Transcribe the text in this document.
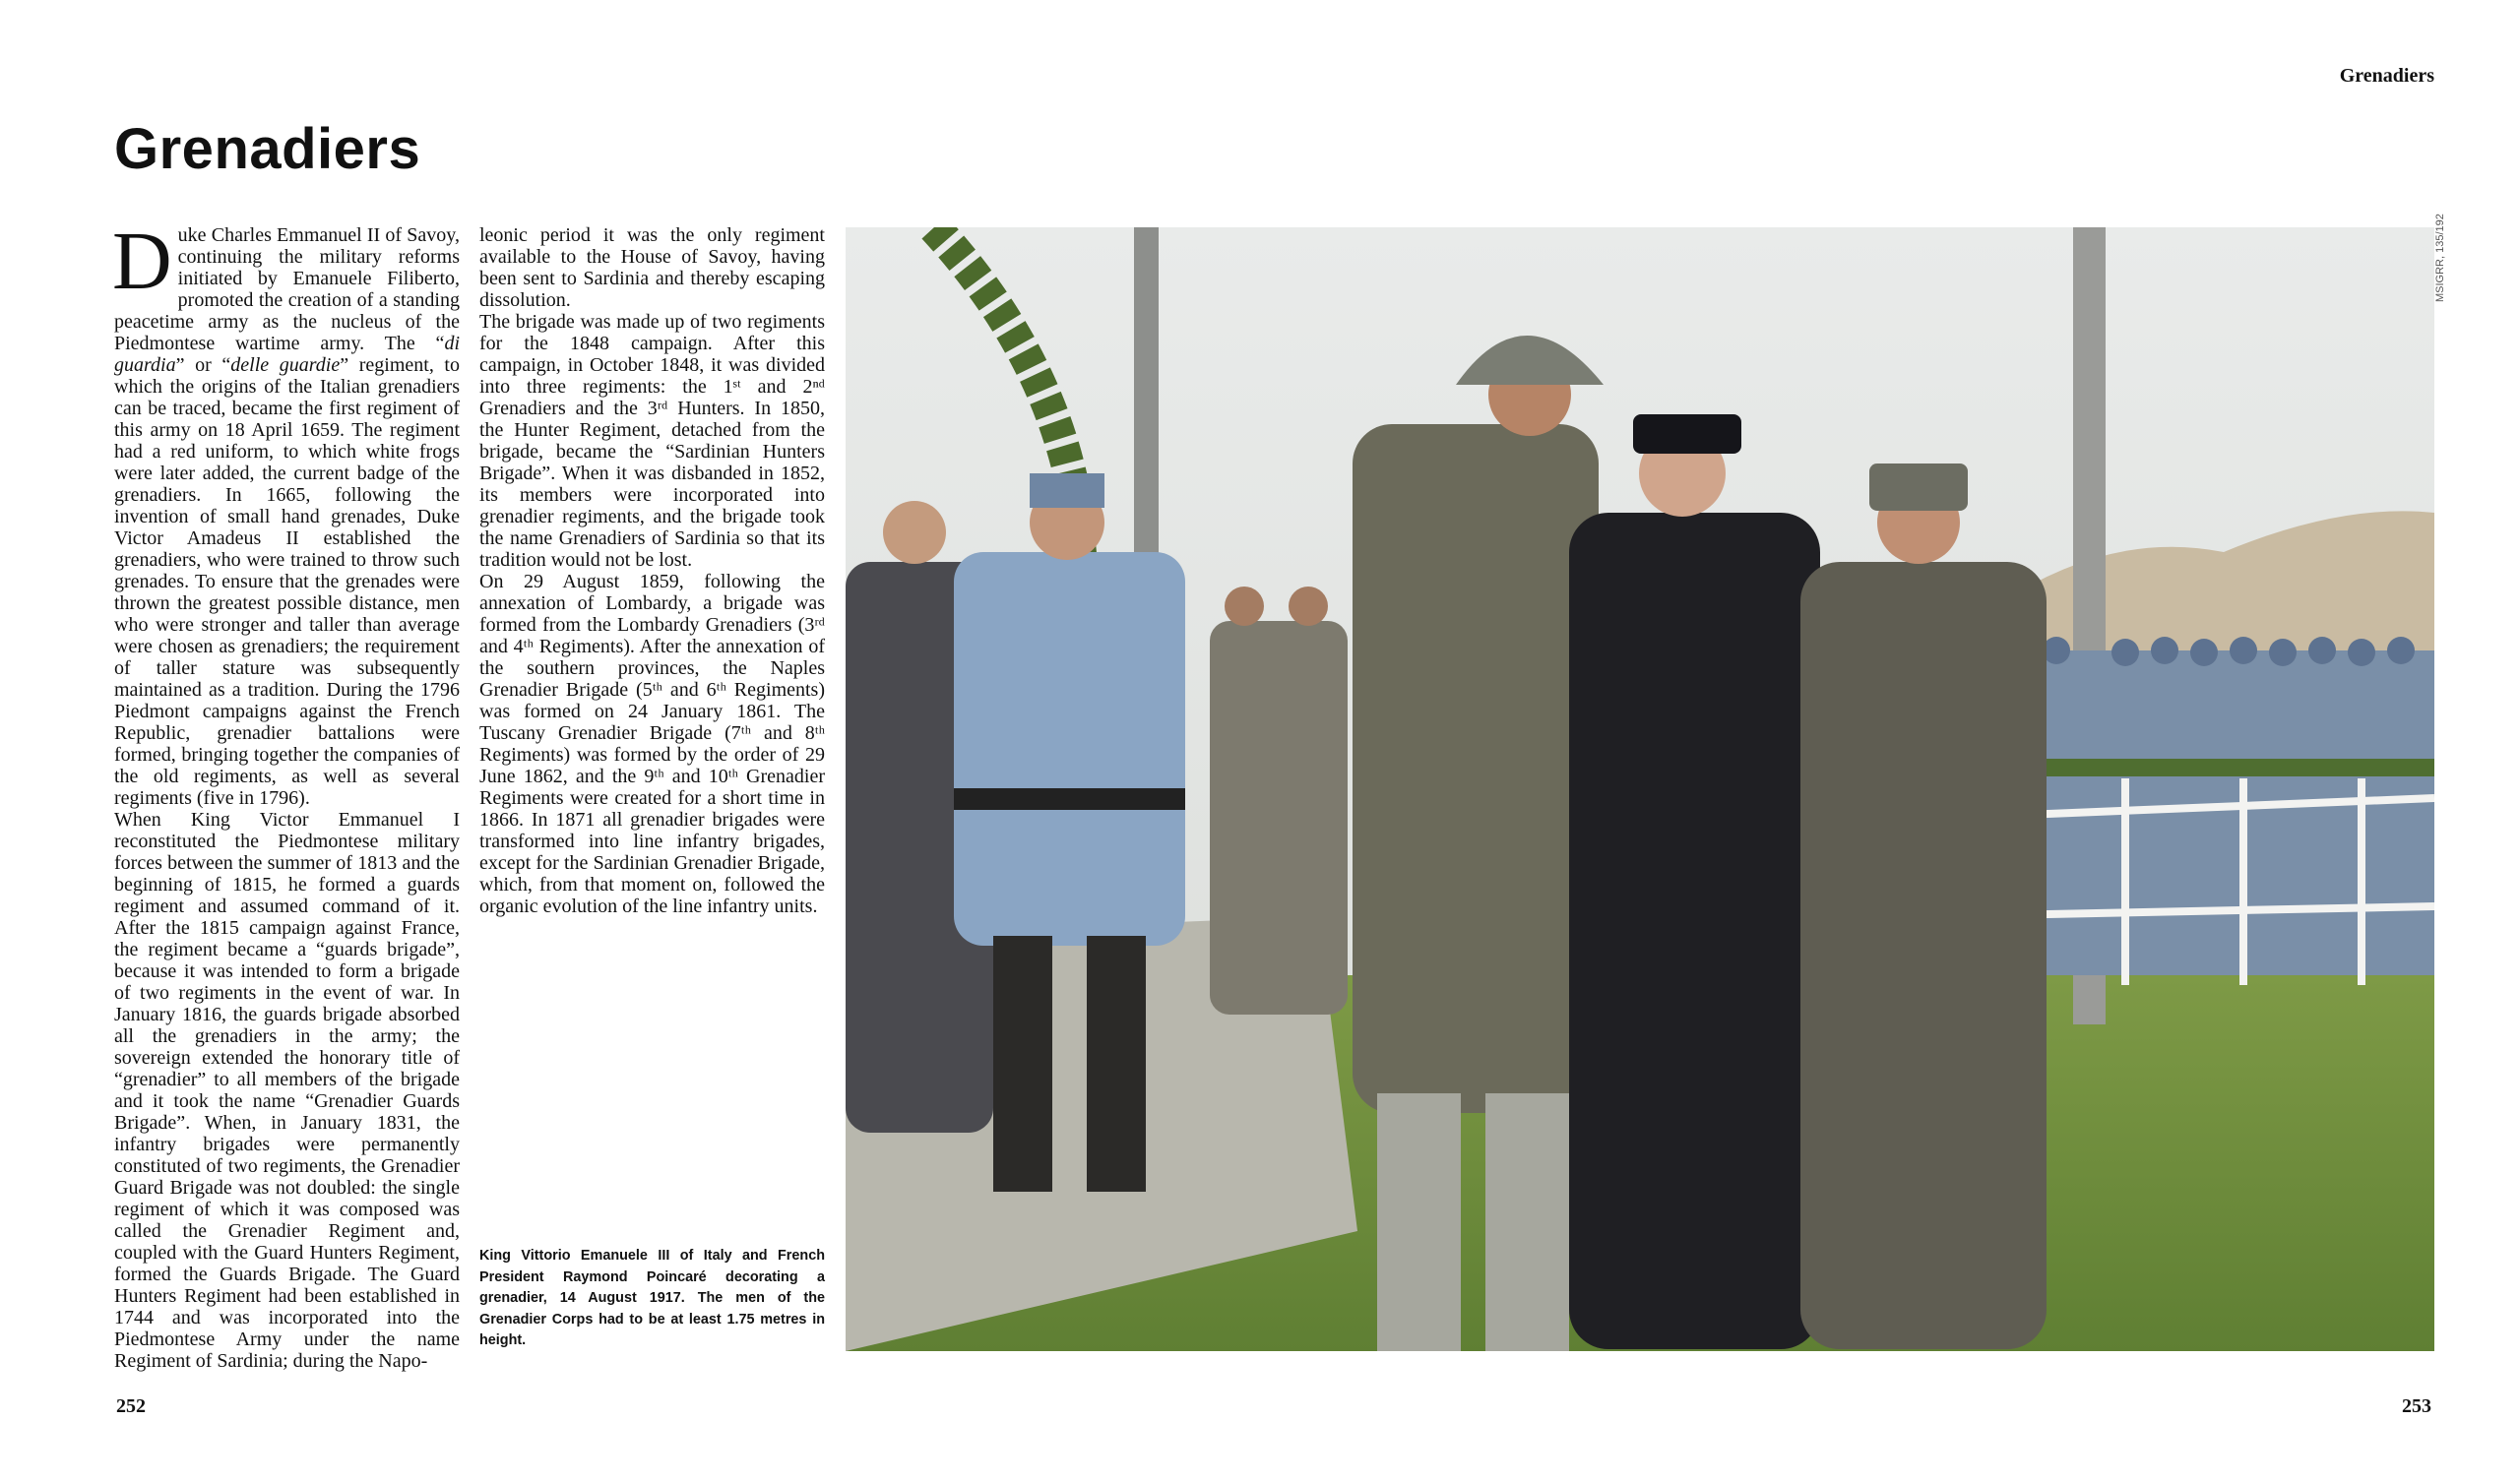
Grenadiers
Grenadiers

Duke Charles Emmanuel II of Savoy, continuing the military reforms initiated by Emanuele Filiberto, promoted the creation of a standing peacetime army as the nucleus of the Piedmontese wartime army. The “di guardia” or “delle guardie” regiment, to which the origins of the Italian grenadiers can be traced, became the first regiment of this army on 18 April 1659. The regiment had a red uniform, to which white frogs were later added, the current badge of the grenadiers. In 1665, following the invention of small hand grenades, Duke Victor Amadeus II established the grenadiers, who were trained to throw such grenades. To ensure that the grenades were thrown the greatest possible distance, men who were stronger and taller than average were chosen as grenadiers; the requirement of taller stature was subsequently maintained as a tradition. During the 1796 Piedmont campaigns against the French Republic, grenadier battalions were formed, bringing together the companies of the old regiments, as well as several regiments (five in 1796).

When King Victor Emmanuel I reconstituted the Piedmontese military forces between the summer of 1813 and the beginning of 1815, he formed a guards regiment and assumed command of it. After the 1815 campaign against France, the regiment became a “guards brigade”, because it was intended to form a brigade of two regiments in the event of war. In January 1816, the guards brigade absorbed all the grenadiers in the army; the sovereign extended the honorary title of “grenadier” to all members of the brigade and it took the name “Grenadier Guards Brigade”. When, in January 1831, the infantry brigades were permanently constituted of two regiments, the Grenadier Guard Brigade was not doubled: the single regiment of which it was composed was called the Grenadier Regiment and, coupled with the Guard Hunters Regiment, formed the Guards Brigade. The Guard Hunters Regiment had been established in 1744 and was incorporated into the Piedmontese Army under the name Regiment of Sardinia; during the Napo-

leonic period it was the only regiment available to the House of Savoy, having been sent to Sardinia and thereby escaping dissolution.

The brigade was made up of two regiments for the 1848 campaign. After this campaign, in October 1848, it was divided into three regiments: the 1ˢᵗ and 2ⁿᵈ Grenadiers and the 3ʳᵈ Hunters. In 1850, the Hunter Regiment, detached from the brigade, became the “Sardinian Hunters Brigade”. When it was disbanded in 1852, its members were incorporated into grenadier regiments, and the brigade took the name Grenadiers of Sardinia so that its tradition would not be lost.

On 29 August 1859, following the annexation of Lombardy, a brigade was formed from the Lombardy Grenadiers (3ʳᵈ and 4ᵗʰ Regiments). After the annexation of the southern provinces, the Naples Grenadier Brigade (5ᵗʰ and 6ᵗʰ Regiments) was formed on 24 January 1861. The Tuscany Grenadier Brigade (7ᵗʰ and 8ᵗʰ Regiments) was formed by the order of 29 June 1862, and the 9ᵗʰ and 10ᵗʰ Grenadier Regiments were created for a short time in 1866. In 1871 all grenadier brigades were transformed into line infantry brigades, except for the Sardinian Grenadier Brigade, which, from that moment on, followed the organic evolution of the line infantry units.

King Vittorio Emanuele III of Italy and French President Raymond Poincaré decorating a grenadier, 14 August 1917. The men of the Grenadier Corps had to be at least 1.75 metres in height.
MSIGRR, 135/192
252	253
